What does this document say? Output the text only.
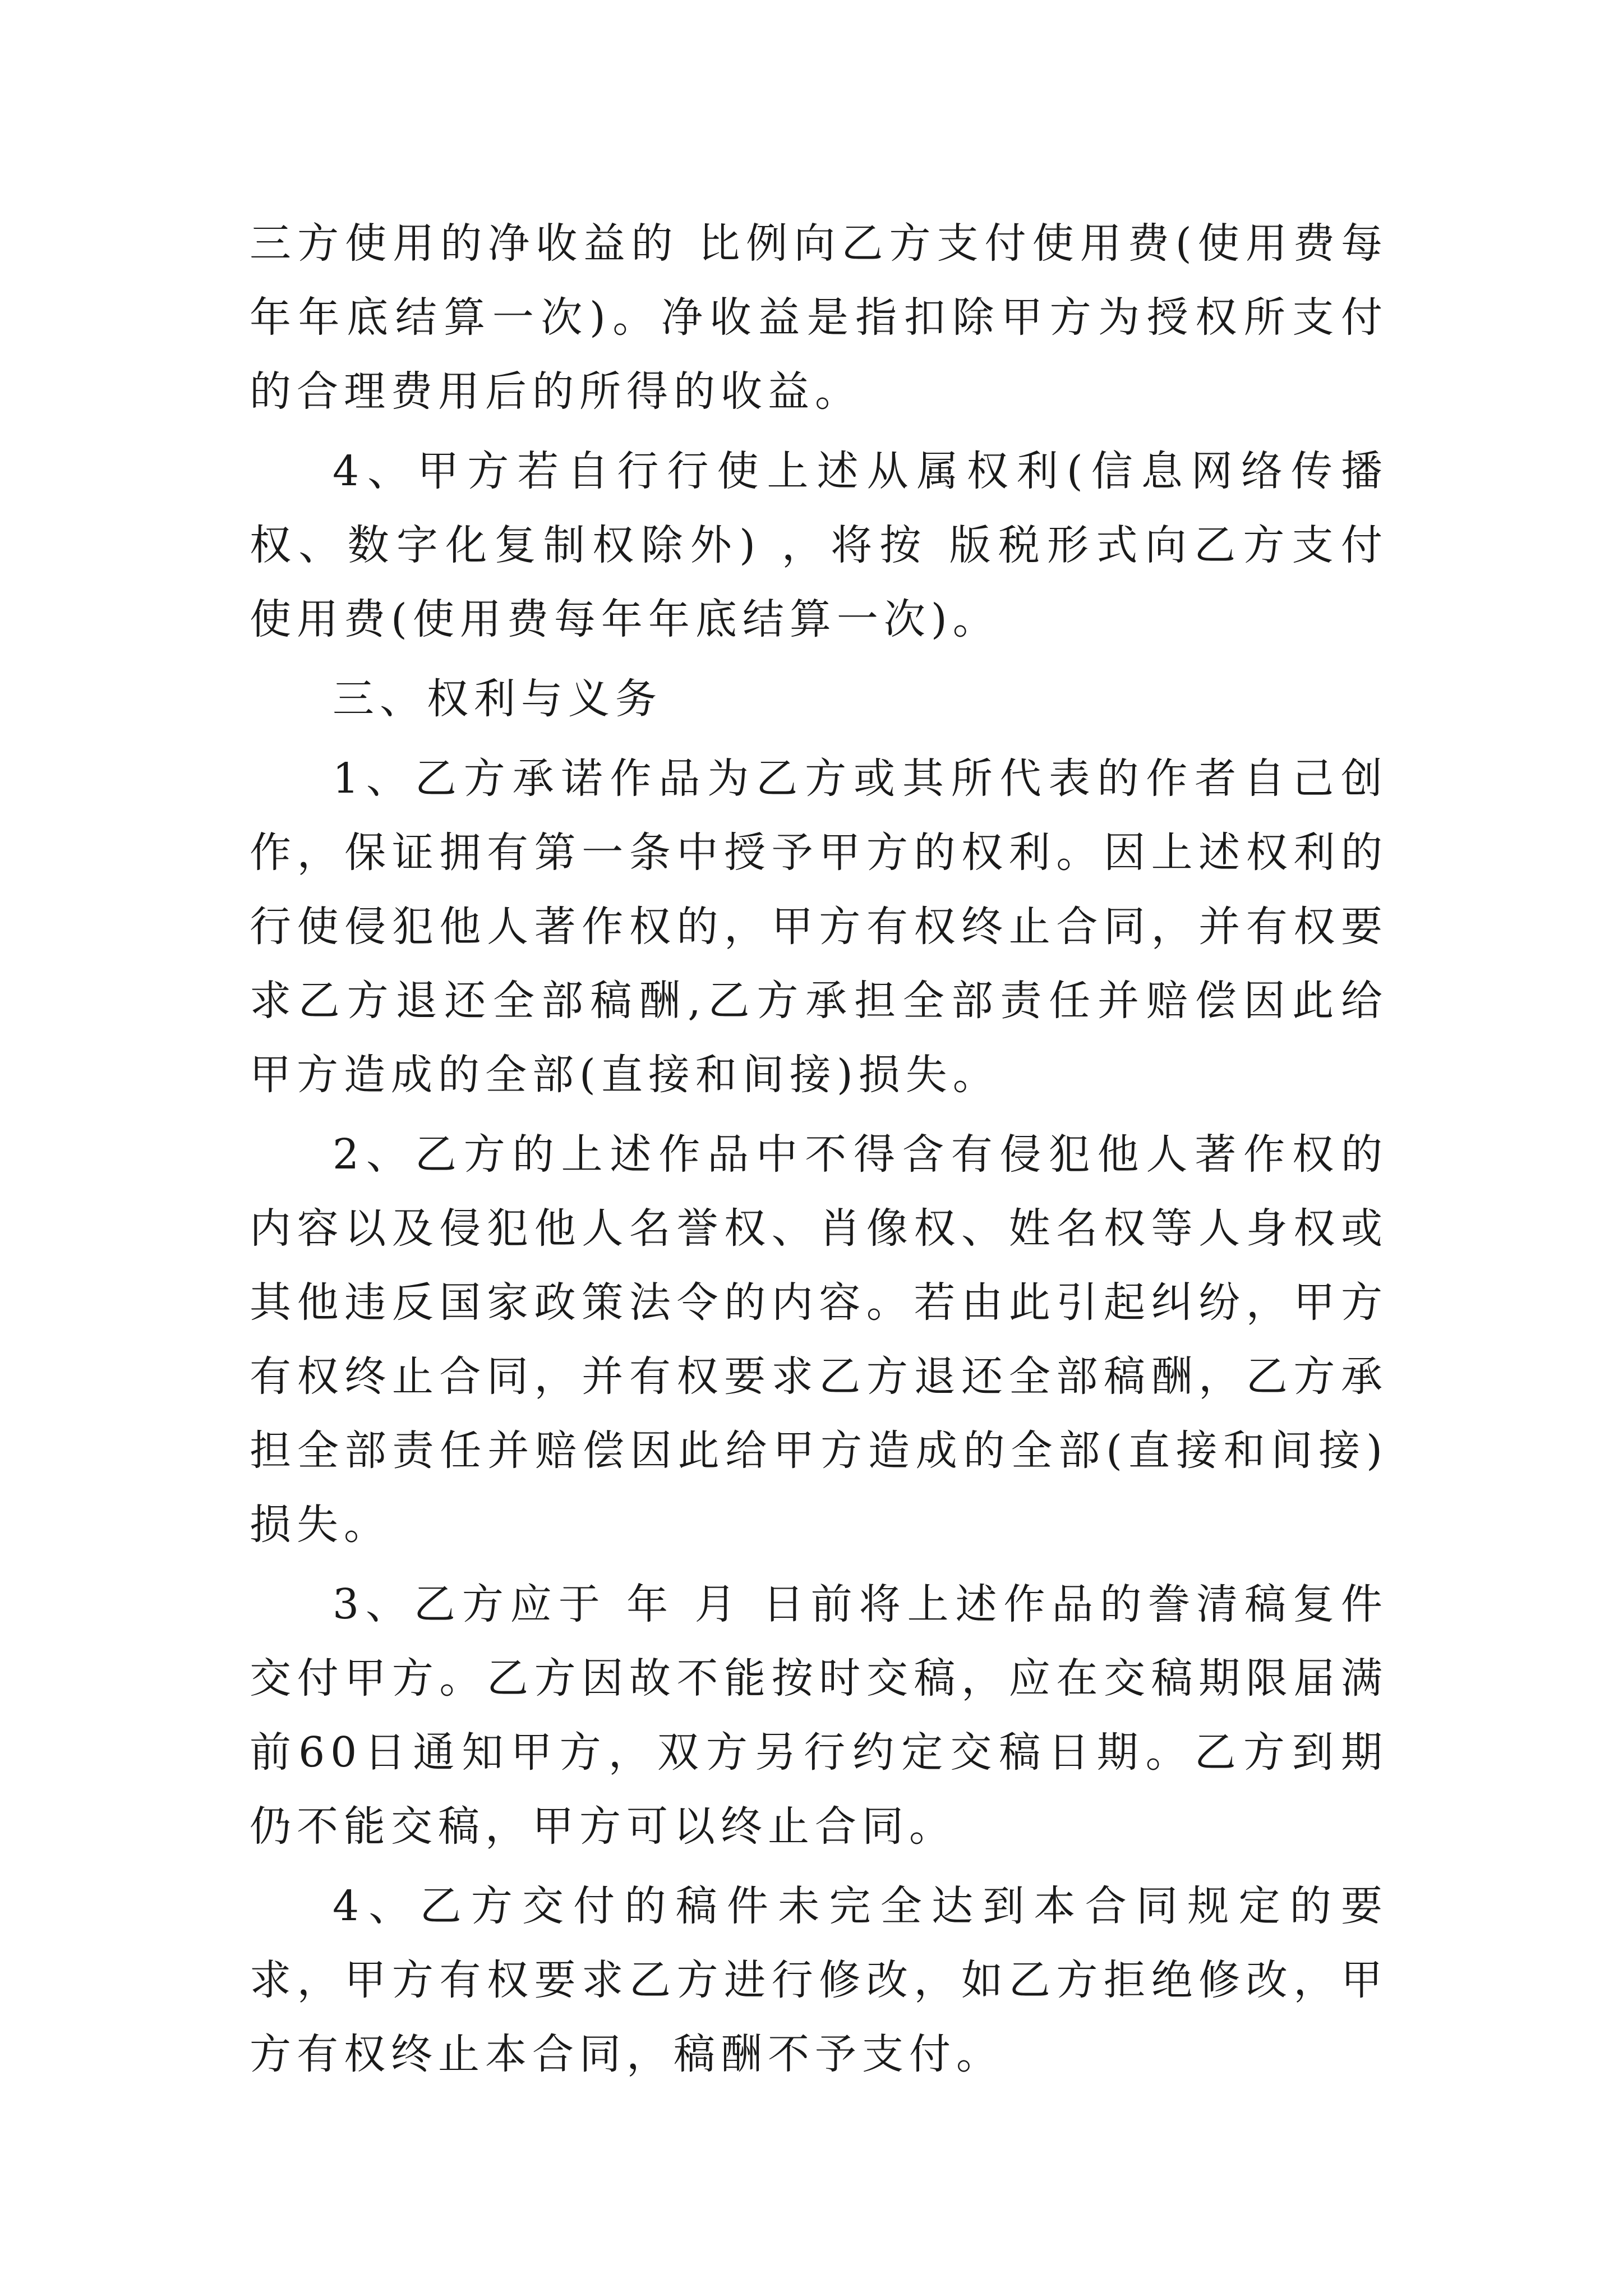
三方使用的净收益的 比例向乙方支付使用费(使用费每年年底结算一次)。净收益是指扣除甲方为授权所支付的合理费用后的所得的收益。

4、甲方若自行行使上述从属权利(信息网络传播权、数字化复制权除外) ，将按 版税形式向乙方支付使用费(使用费每年年底结算一次)。

三、权利与义务

1、乙方承诺作品为乙方或其所代表的作者自己创作，保证拥有第一条中授予甲方的权利。因上述权利的行使侵犯他人著作权的，甲方有权终止合同，并有权要求乙方退还全部稿酬,乙方承担全部责任并赔偿因此给甲方造成的全部(直接和间接)损失。

2、乙方的上述作品中不得含有侵犯他人著作权的内容以及侵犯他人名誉权、肖像权、姓名权等人身权或其他违反国家政策法令的内容。若由此引起纠纷，甲方有权终止合同，并有权要求乙方退还全部稿酬，乙方承担全部责任并赔偿因此给甲方造成的全部(直接和间接)损失。

3、乙方应于 年 月 日前将上述作品的誊清稿复件交付甲方。乙方因故不能按时交稿，应在交稿期限届满前60日通知甲方，双方另行约定交稿日期。乙方到期仍不能交稿，甲方可以终止合同。

4、乙方交付的稿件未完全达到本合同规定的要求，甲方有权要求乙方进行修改，如乙方拒绝修改，甲方有权终止本合同，稿酬不予支付。
